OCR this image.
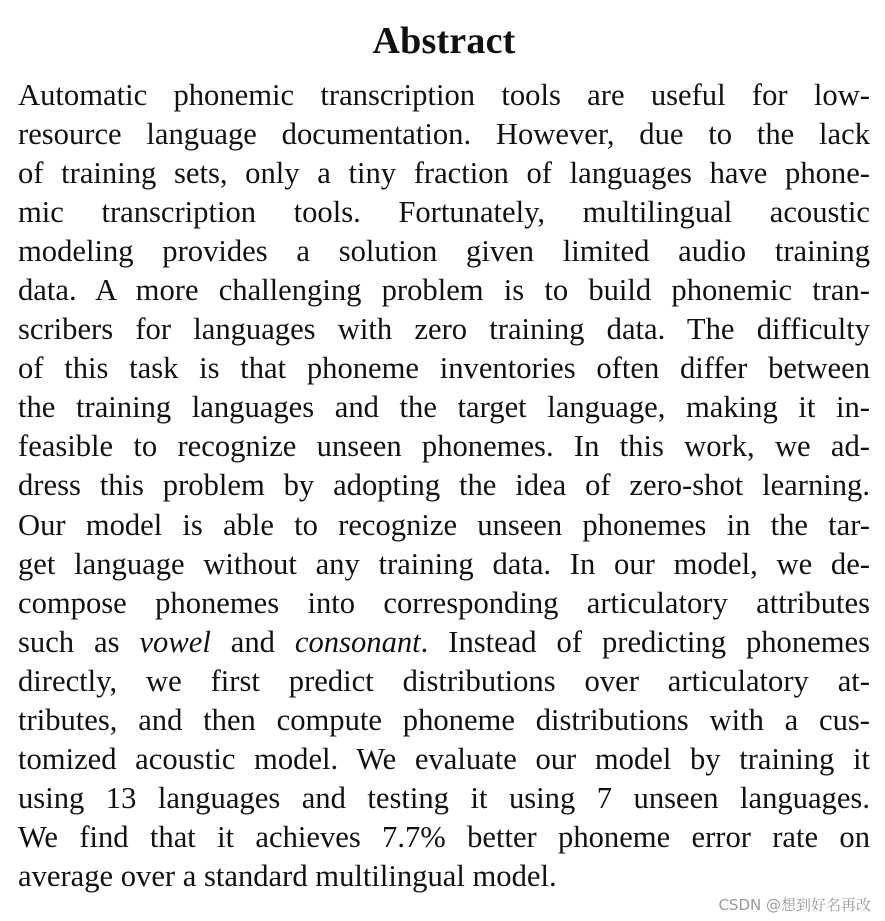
Abstract
Automatic phonemic transcription tools are useful for low-
resource language documentation. However, due to the lack
of training sets, only a tiny fraction of languages have phone-
mic transcription tools. Fortunately, multilingual acoustic
modeling provides a solution given limited audio training
data. A more challenging problem is to build phonemic tran-
scribers for languages with zero training data. The difficulty
of this task is that phoneme inventories often differ between
the training languages and the target language, making it in-
feasible to recognize unseen phonemes. In this work, we ad-
dress this problem by adopting the idea of zero-shot learning.
Our model is able to recognize unseen phonemes in the tar-
get language without any training data. In our model, we de-
compose phonemes into corresponding articulatory attributes
such as vowel and consonant. Instead of predicting phonemes
directly, we first predict distributions over articulatory at-
tributes, and then compute phoneme distributions with a cus-
tomized acoustic model. We evaluate our model by training it
using 13 languages and testing it using 7 unseen languages.
We find that it achieves 7.7% better phoneme error rate on
average over a standard multilingual model.
CSDN @想到好名再改
